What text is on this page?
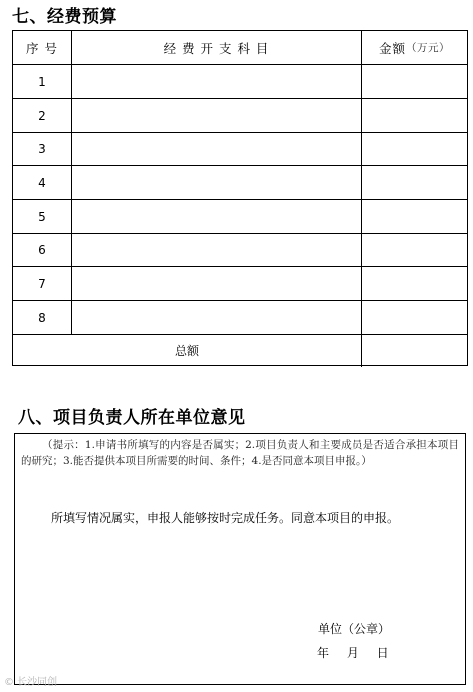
七、经费预算
序 号	经 费 开 支 科 目	金额 （万元）
1
2
3
4
5
6
7
8
总额
八、项目负责人所在单位意见
（提示：1.申请书所填写的内容是否属实；2.项目负责人和主要成员是否适合承担本项目的研究；3.能否提供本项目所需要的时间、条件；4.是否同意本项目申报。）
所填写情况属实，申报人能够按时完成任务。同意本项目的申报。
单位（公章）
年 月 日
© 长沙同创
